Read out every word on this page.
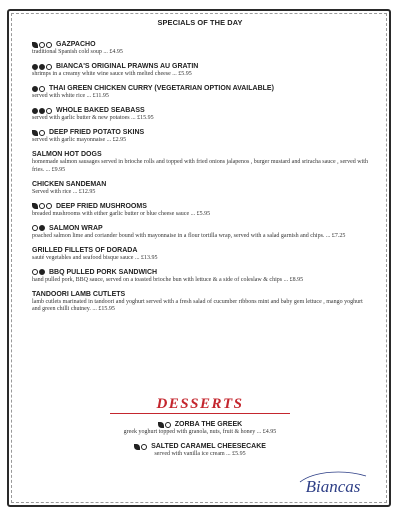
SPECIALS OF THE DAY
GAZPACHO
traditional Spanish cold soup ... £4.95
BIANCA'S ORIGINAL PRAWNS AU GRATIN
shrimps in a creamy white wine sauce with melted cheese ... £5.95
THAI GREEN CHICKEN CURRY (VEGETARIAN OPTION AVAILABLE)
served with white rice ... £11.95
WHOLE BAKED SEABASS
served with garlic butter & new potatoes ... £15.95
DEEP FRIED POTATO SKINS
served with garlic mayonnaise ... £2.95
SALMON HOT DOGS
homemade salmon sausages served in brioche rolls and topped with fried onions jalapenos , burger mustard and sriracha sauce , served with fries. ... £9.95
CHICKEN SANDEMAN
Served with rice ... £12.95
DEEP FRIED MUSHROOMS
breaded mushrooms with either garlic butter or blue cheese sauce ... £5.95
SALMON WRAP
poached salmon lime and coriander bound with mayonnaise in a flour tortilla wrap, served with a salad garnish and chips. ... £7.25
GRILLED FILLETS OF DORADA
sauté vegetables and seafood bisque sauce ... £13.95
BBQ PULLED PORK SANDWICH
hand pulled pork, BBQ sauce, served on a toasted brioche bun with lettuce & a side of coleslaw & chips ... £8.95
TANDOORI LAMB CUTLETS
lamb cutlets marinated in tandoori and yoghurt served with a fresh salad of cucumber ribbons mint and baby gem lettuce , mango yoghurt and green chilli chutney. ... £15.95
DESSERTS
ZORBA THE GREEK
greek yoghurt topped with granola, nuts, fruit & honey ... £4.95
SALTED CARAMEL CHEESECAKE
served with vanilla ice cream ... £5.95
Biancas
